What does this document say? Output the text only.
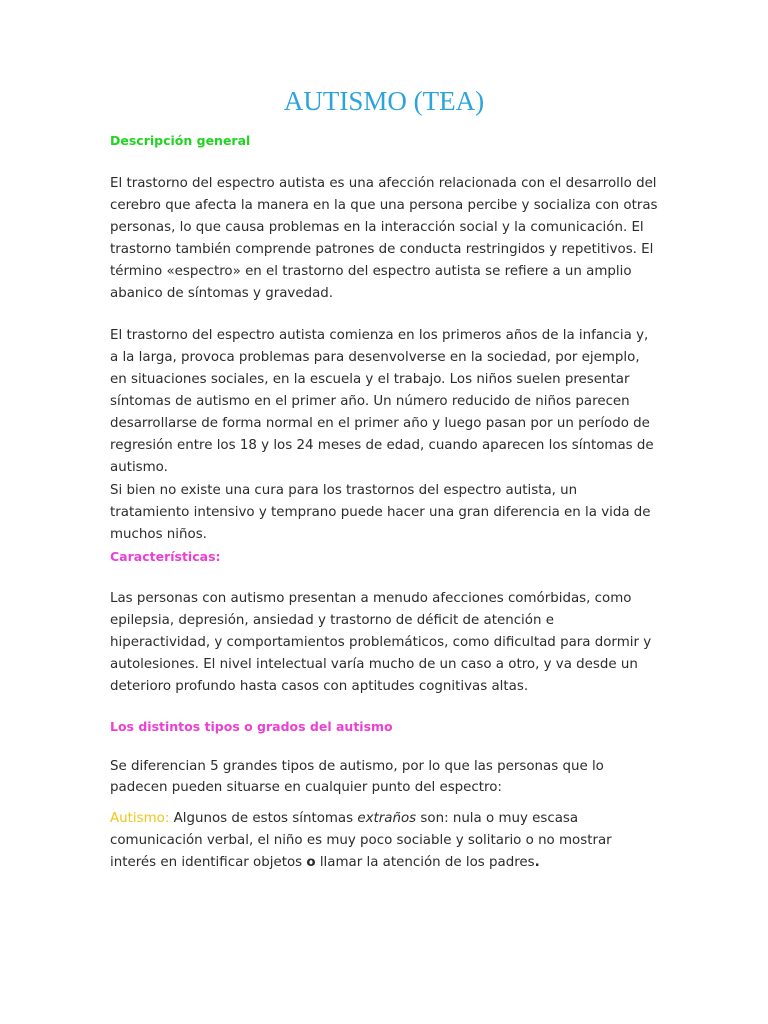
AUTISMO (TEA)
Descripción general

El trastorno del espectro autista es una afección relacionada con el desarrollo del cerebro que afecta la manera en la que una persona percibe y socializa con otras personas, lo que causa problemas en la interacción social y la comunicación. El trastorno también comprende patrones de conducta restringidos y repetitivos. El término «espectro» en el trastorno del espectro autista se refiere a un amplio abanico de síntomas y gravedad.

El trastorno del espectro autista comienza en los primeros años de la infancia y, a la larga, provoca problemas para desenvolverse en la sociedad, por ejemplo, en situaciones sociales, en la escuela y el trabajo. Los niños suelen presentar síntomas de autismo en el primer año. Un número reducido de niños parecen desarrollarse de forma normal en el primer año y luego pasan por un período de regresión entre los 18 y los 24 meses de edad, cuando aparecen los síntomas de autismo.

Si bien no existe una cura para los trastornos del espectro autista, un tratamiento intensivo y temprano puede hacer una gran diferencia en la vida de muchos niños.

Características:

Las personas con autismo presentan a menudo afecciones comórbidas, como epilepsia, depresión, ansiedad y trastorno de déficit de atención e hiperactividad, y comportamientos problemáticos, como dificultad para dormir y autolesiones. El nivel intelectual varía mucho de un caso a otro, y va desde un deterioro profundo hasta casos con aptitudes cognitivas altas.

Los distintos tipos o grados del autismo

Se diferencian 5 grandes tipos de autismo, por lo que las personas que lo padecen pueden situarse en cualquier punto del espectro:

Autismo: Algunos de estos síntomas extraños son: nula o muy escasa comunicación verbal, el niño es muy poco sociable y solitario o no mostrar interés en identificar objetos o llamar la atención de los padres.
